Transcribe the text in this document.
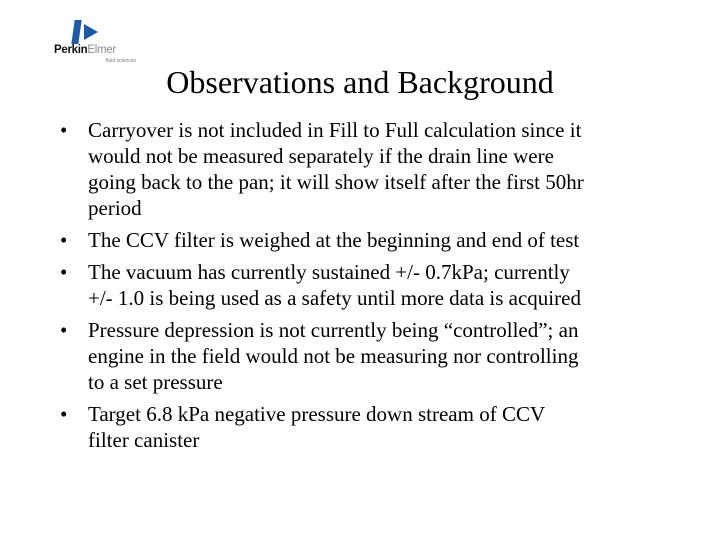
PerkinElmer
fluid sciences
Observations and Background
• Carryover is not included in Fill to Full calculation since it
would not be measured separately if the drain line were
going back to the pan; it will show itself after the first 50hr
period
• The CCV filter is weighed at the beginning and end of test
• The vacuum has currently sustained +/- 0.7kPa; currently
+/- 1.0 is being used as a safety until more data is acquired
• Pressure depression is not currently being “controlled”; an
engine in the field would not be measuring nor controlling
to a set pressure
• Target 6.8 kPa negative pressure down stream of CCV
filter canister
